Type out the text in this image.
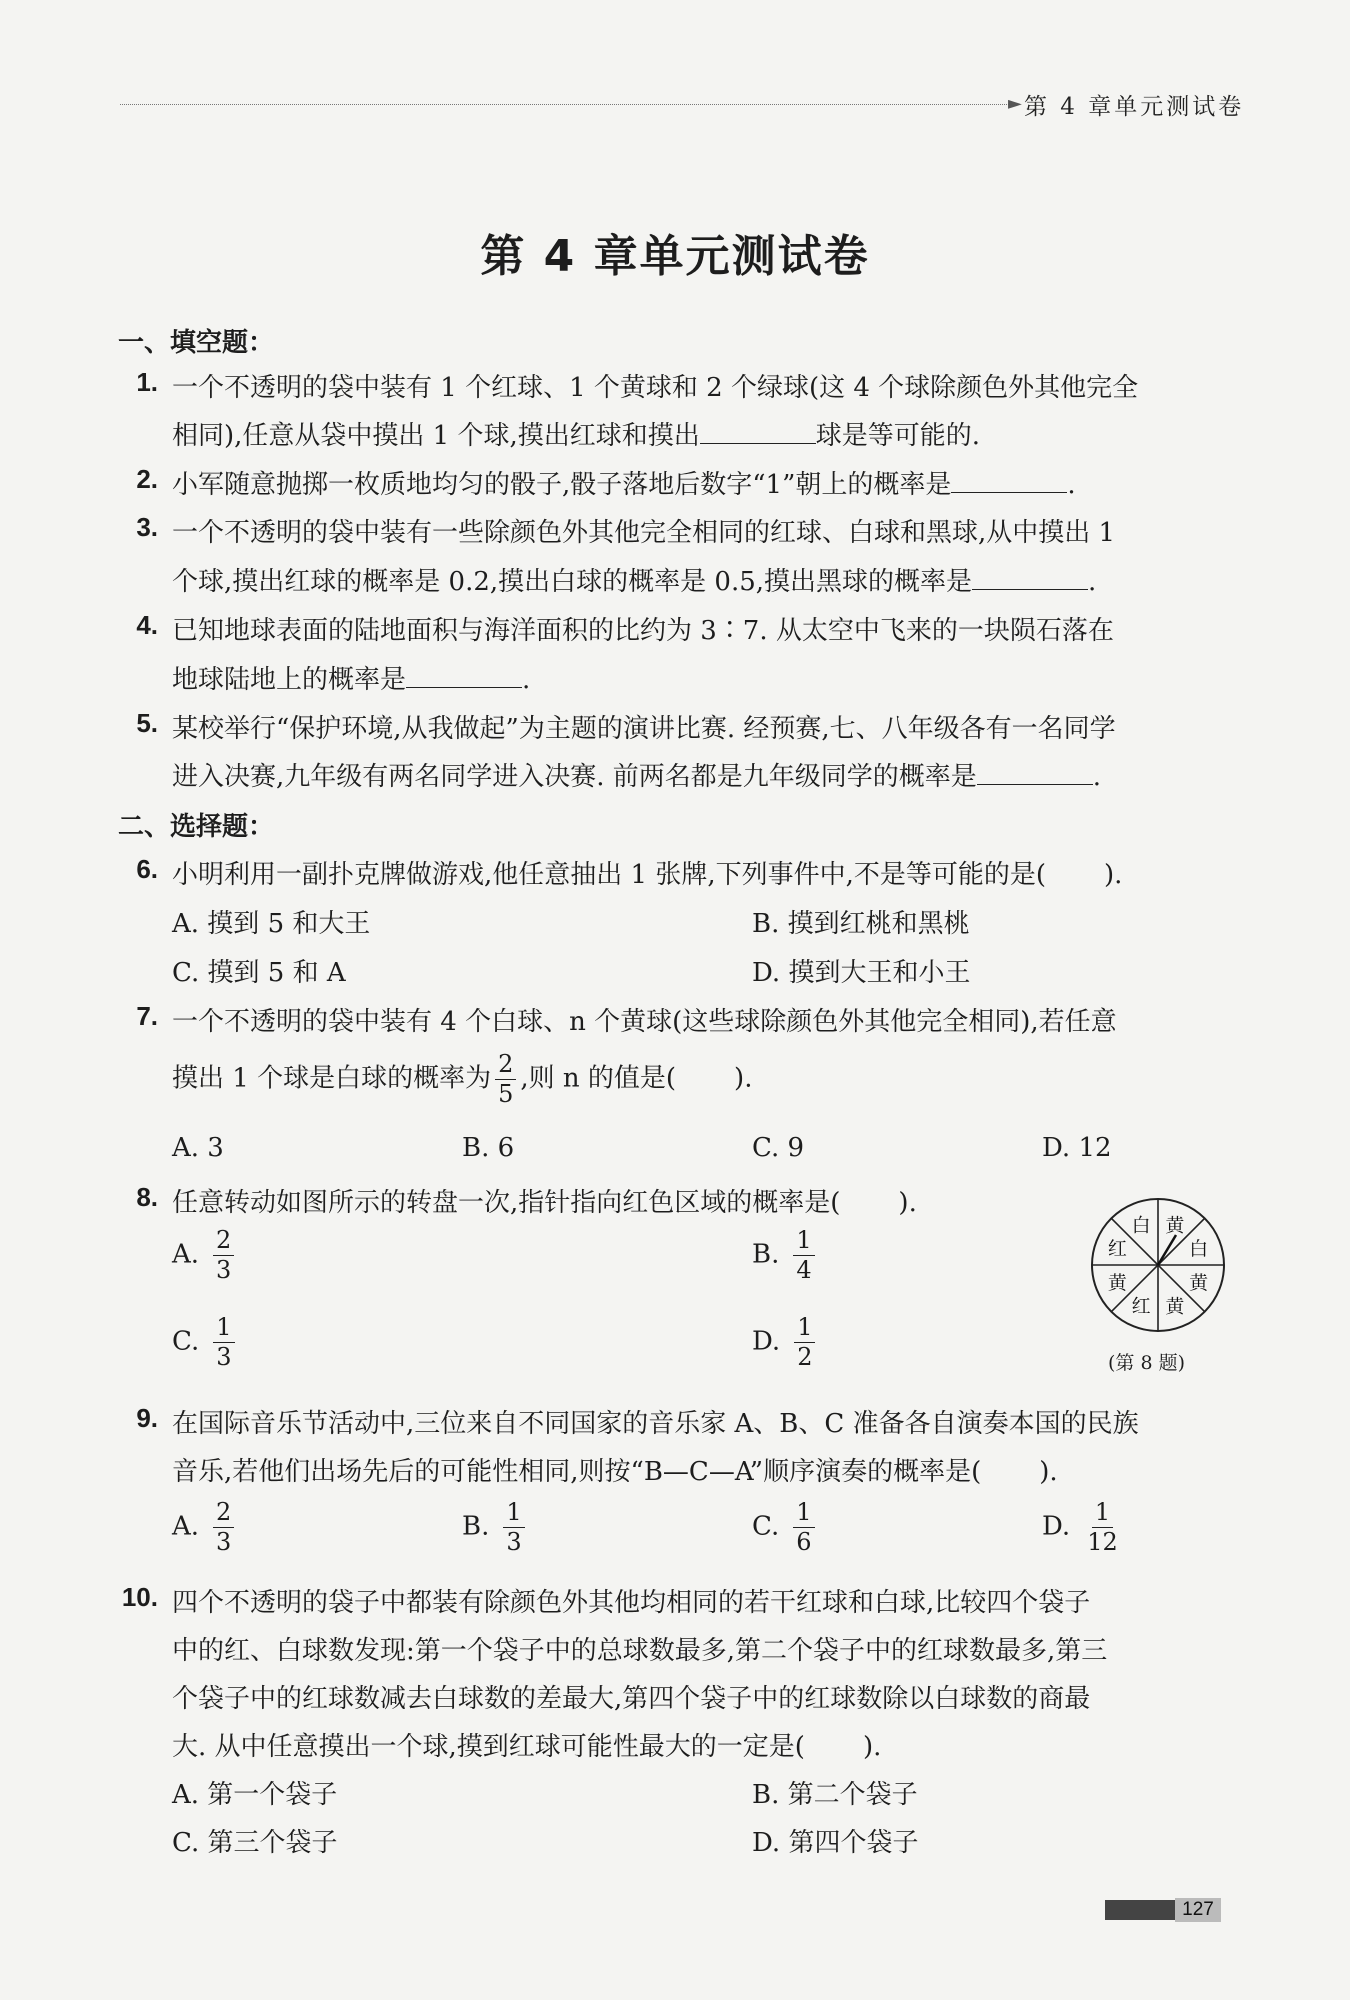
► 第 4 章单元测试卷
第 4 章单元测试卷
一、填空题：
1. 一个不透明的袋中装有 1 个红球、1 个黄球和 2 个绿球(这 4 个球除颜色外其他完全
相同),任意从袋中摸出 1 个球,摸出红球和摸出	球是等可能的.
2. 小军随意抛掷一枚质地均匀的骰子,骰子落地后数字“1”朝上的概率是	.
3. 一个不透明的袋中装有一些除颜色外其他完全相同的红球、白球和黑球,从中摸出 1
个球,摸出红球的概率是 0.2,摸出白球的概率是 0.5,摸出黑球的概率是	.
4. 已知地球表面的陆地面积与海洋面积的比约为 3∶7. 从太空中飞来的一块陨石落在
地球陆地上的概率是	.
5. 某校举行“保护环境,从我做起”为主题的演讲比赛. 经预赛,七、八年级各有一名同学
进入决赛,九年级有两名同学进入决赛. 前两名都是九年级同学的概率是	.
二、选择题：
6. 小明利用一副扑克牌做游戏,他任意抽出 1 张牌,下列事件中,不是等可能的是( ).
A. 摸到 5 和大王	B. 摸到红桃和黑桃
C. 摸到 5 和 A	D. 摸到大王和小王
7. 一个不透明的袋中装有 4 个白球、n 个黄球(这些球除颜色外其他完全相同),若任意
摸出 1 个球是白球的概率为 $\frac{2}{5}$ ,则 n 的值是( ).
A. 3	B. 6	C. 9	D. 12
8. 任意转动如图所示的转盘一次,指针指向红色区域的概率是( ).
A. $\frac{2}{3}$	B. $\frac{1}{4}$
C. $\frac{1}{3}$	D. $\frac{1}{2}$
黄
白
黄
黄
红
黄
红
白
(第 8 题)
9. 在国际音乐节活动中,三位来自不同国家的音乐家 A、B、C 准备各自演奏本国的民族
音乐,若他们出场先后的可能性相同,则按“B—C—A”顺序演奏的概率是( ).
A. $\frac{2}{3}$	B. $\frac{1}{3}$	C. $\frac{1}{6}$	D. $\frac{1}{12}$
10. 四个不透明的袋子中都装有除颜色外其他均相同的若干红球和白球,比较四个袋子
中的红、白球数发现:第一个袋子中的总球数最多,第二个袋子中的红球数最多,第三
个袋子中的红球数减去白球数的差最大,第四个袋子中的红球数除以白球数的商最
大. 从中任意摸出一个球,摸到红球可能性最大的一定是( ).
A. 第一个袋子	B. 第二个袋子
C. 第三个袋子	D. 第四个袋子
127
